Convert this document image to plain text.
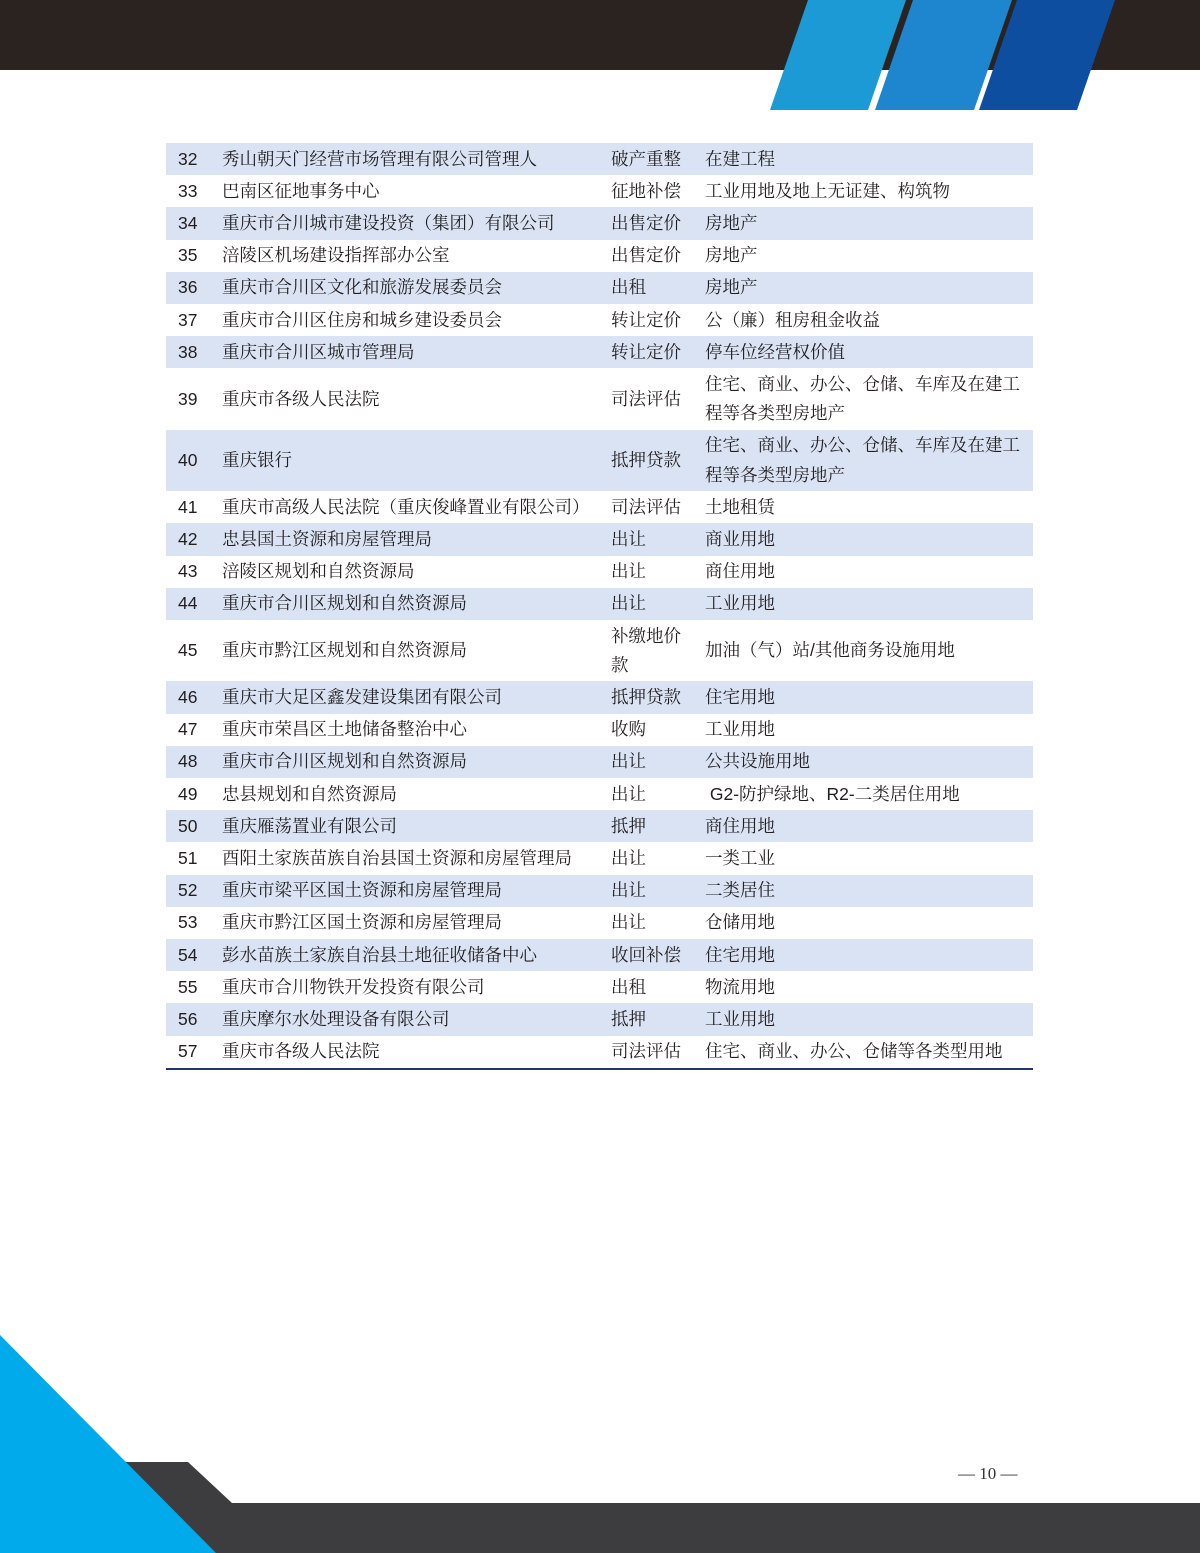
32	秀山朝天门经营市场管理有限公司管理人	破产重整	在建工程
33	巴南区征地事务中心	征地补偿	工业用地及地上无证建、构筑物
34	重庆市合川城市建设投资（集团）有限公司	出售定价	房地产
35	涪陵区机场建设指挥部办公室	出售定价	房地产
36	重庆市合川区文化和旅游发展委员会	出租	房地产
37	重庆市合川区住房和城乡建设委员会	转让定价	公（廉）租房租金收益
38	重庆市合川区城市管理局	转让定价	停车位经营权价值
39	重庆市各级人民法院	司法评估	住宅、商业、办公、仓储、车库及在建工程等各类型房地产
40	重庆银行	抵押贷款	住宅、商业、办公、仓储、车库及在建工程等各类型房地产
41	重庆市高级人民法院（重庆俊峰置业有限公司）	司法评估	土地租赁
42	忠县国土资源和房屋管理局	出让	商业用地
43	涪陵区规划和自然资源局	出让	商住用地
44	重庆市合川区规划和自然资源局	出让	工业用地
45	重庆市黔江区规划和自然资源局	补缴地价款	加油（气）站/其他商务设施用地
46	重庆市大足区鑫发建设集团有限公司	抵押贷款	住宅用地
47	重庆市荣昌区土地储备整治中心	收购	工业用地
48	重庆市合川区规划和自然资源局	出让	公共设施用地
49	忠县规划和自然资源局	出让	G2-防护绿地、R2-二类居住用地
50	重庆雁荡置业有限公司	抵押	商住用地
51	酉阳土家族苗族自治县国土资源和房屋管理局	出让	一类工业
52	重庆市梁平区国土资源和房屋管理局	出让	二类居住
53	重庆市黔江区国土资源和房屋管理局	出让	仓储用地
54	彭水苗族土家族自治县土地征收储备中心	收回补偿	住宅用地
55	重庆市合川物铁开发投资有限公司	出租	物流用地
56	重庆摩尔水处理设备有限公司	抵押	工业用地
57	重庆市各级人民法院	司法评估	住宅、商业、办公、仓储等各类型用地
— 10 —
